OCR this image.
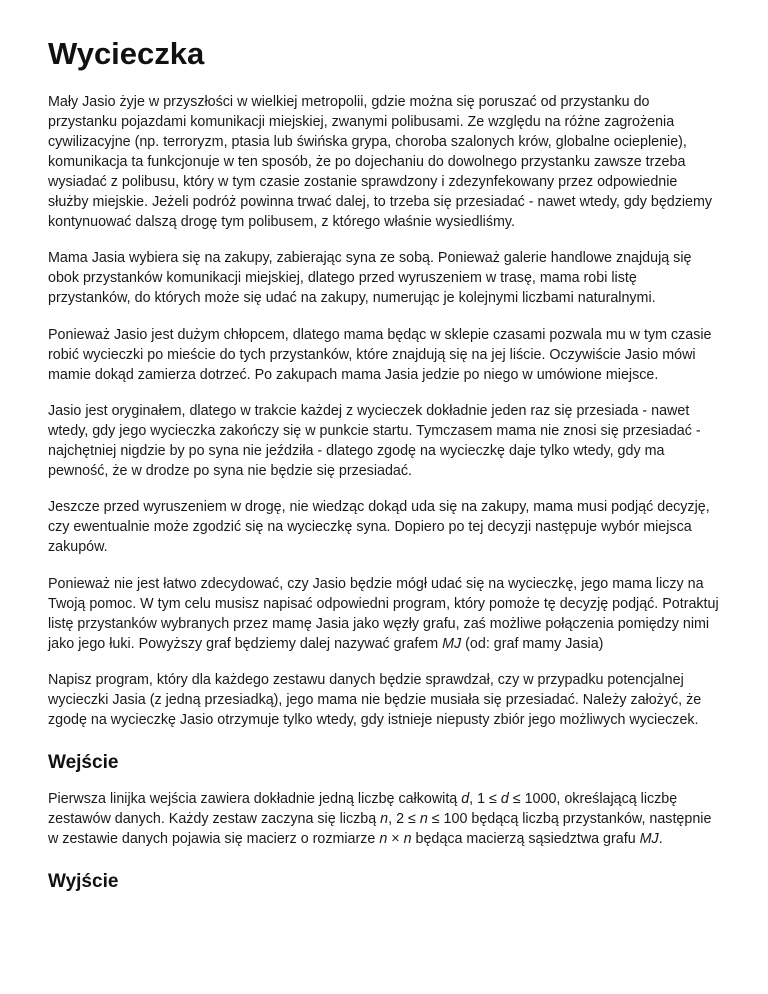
Wycieczka

Mały Jasio żyje w przyszłości w wielkiej metropolii, gdzie można się poruszać od przystanku do przystanku pojazdami komunikacji miejskiej, zwanymi polibusami. Ze względu na różne zagrożenia cywilizacyjne (np. terroryzm, ptasia lub świńska grypa, choroba szalonych krów, globalne ocieplenie), komunikacja ta funkcjonuje w ten sposób, że po dojechaniu do dowolnego przystanku zawsze trzeba wysiadać z polibusu, który w tym czasie zostanie sprawdzony i zdezynfekowany przez odpowiednie służby miejskie. Jeżeli podróż powinna trwać dalej, to trzeba się przesiadać - nawet wtedy, gdy będziemy kontynuować dalszą drogę tym polibusem, z którego właśnie wysiedliśmy.

Mama Jasia wybiera się na zakupy, zabierając syna ze sobą. Ponieważ galerie handlowe znajdują się obok przystanków komunikacji miejskiej, dlatego przed wyruszeniem w trasę, mama robi listę przystanków, do których może się udać na zakupy, numerując je kolejnymi liczbami naturalnymi.

Ponieważ Jasio jest dużym chłopcem, dlatego mama będąc w sklepie czasami pozwala mu w tym czasie robić wycieczki po mieście do tych przystanków, które znajdują się na jej liście. Oczywiście Jasio mówi mamie dokąd zamierza dotrzeć. Po zakupach mama Jasia jedzie po niego w umówione miejsce.

Jasio jest oryginałem, dlatego w trakcie każdej z wycieczek dokładnie jeden raz się przesiada - nawet wtedy, gdy jego wycieczka zakończy się w punkcie startu. Tymczasem mama nie znosi się przesiadać - najchętniej nigdzie by po syna nie jeździła - dlatego zgodę na wycieczkę daje tylko wtedy, gdy ma pewność, że w drodze po syna nie będzie się przesiadać.

Jeszcze przed wyruszeniem w drogę, nie wiedząc dokąd uda się na zakupy, mama musi podjąć decyzję, czy ewentualnie może zgodzić się na wycieczkę syna. Dopiero po tej decyzji następuje wybór miejsca zakupów.

Ponieważ nie jest łatwo zdecydować, czy Jasio będzie mógł udać się na wycieczkę, jego mama liczy na Twoją pomoc. W tym celu musisz napisać odpowiedni program, który pomoże tę decyzję podjąć. Potraktuj listę przystanków wybranych przez mamę Jasia jako węzły grafu, zaś możliwe połączenia pomiędzy nimi jako jego łuki. Powyższy graf będziemy dalej nazywać grafem MJ (od: graf mamy Jasia)

Napisz program, który dla każdego zestawu danych będzie sprawdzał, czy w przypadku potencjalnej wycieczki Jasia (z jedną przesiadką), jego mama nie będzie musiała się przesiadać. Należy założyć, że zgodę na wycieczkę Jasio otrzymuje tylko wtedy, gdy istnieje niepusty zbiór jego możliwych wycieczek.

Wejście

Pierwsza linijka wejścia zawiera dokładnie jedną liczbę całkowitą d, 1 ≤ d ≤ 1000, określającą liczbę zestawów danych. Każdy zestaw zaczyna się liczbą n, 2 ≤ n ≤ 100 będącą liczbą przystanków, następnie w zestawie danych pojawia się macierz o rozmiarze n × n będąca macierzą sąsiedztwa grafu MJ.

Wyjście
